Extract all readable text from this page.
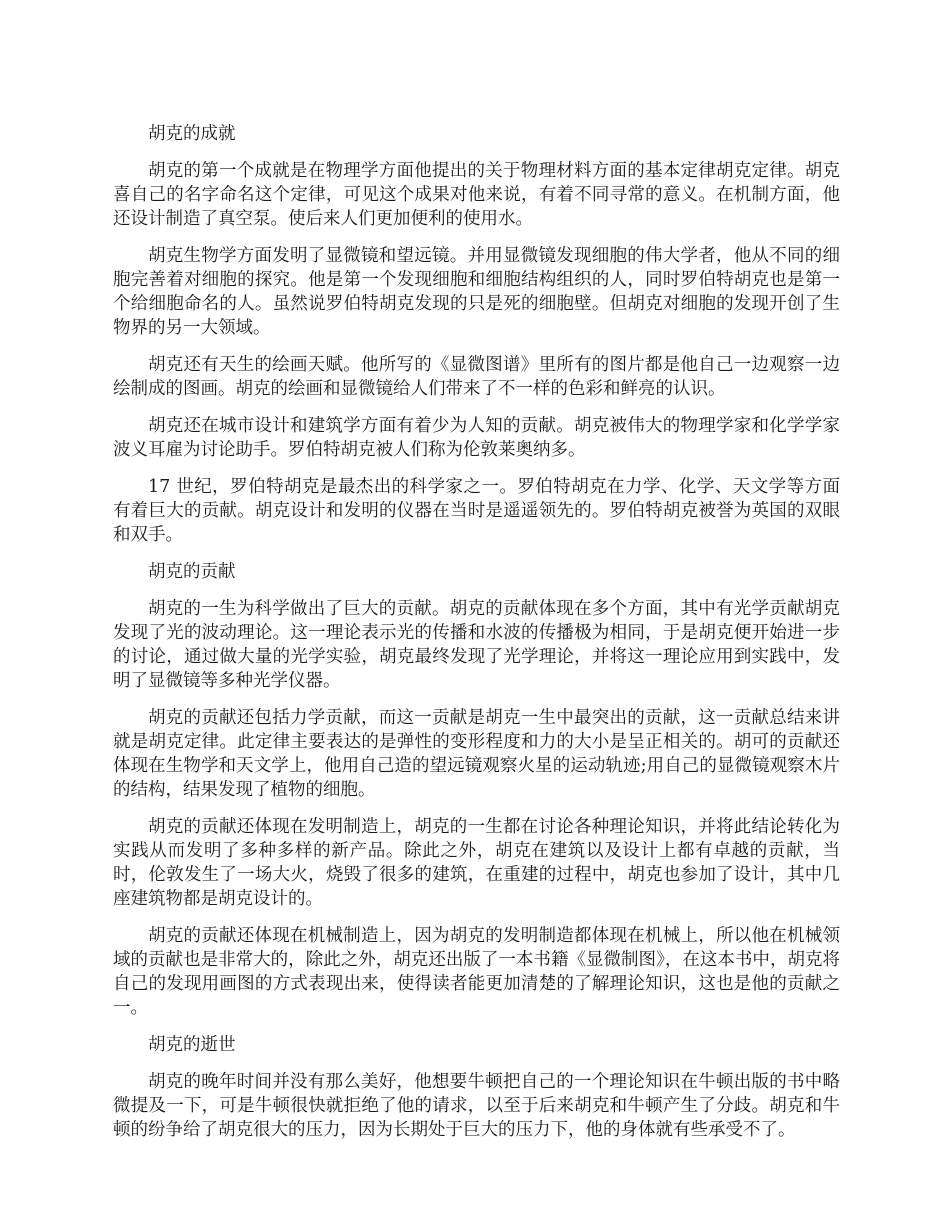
胡克的成就

胡克的第一个成就是在物理学方面他提出的关于物理材料方面的基本定律胡克定律。胡克喜自己的名字命名这个定律，可见这个成果对他来说，有着不同寻常的意义。在机制方面，他还设计制造了真空泵。使后来人们更加便利的使用水。

胡克生物学方面发明了显微镜和望远镜。并用显微镜发现细胞的伟大学者，他从不同的细胞完善着对细胞的探究。他是第一个发现细胞和细胞结构组织的人，同时罗伯特胡克也是第一个给细胞命名的人。虽然说罗伯特胡克发现的只是死的细胞壁。但胡克对细胞的发现开创了生物界的另一大领域。

胡克还有天生的绘画天赋。他所写的《显微图谱》里所有的图片都是他自己一边观察一边绘制成的图画。胡克的绘画和显微镜给人们带来了不一样的色彩和鲜亮的认识。

胡克还在城市设计和建筑学方面有着少为人知的贡献。胡克被伟大的物理学家和化学学家波义耳雇为讨论助手。罗伯特胡克被人们称为伦敦莱奥纳多。

17 世纪，罗伯特胡克是最杰出的科学家之一。罗伯特胡克在力学、化学、天文学等方面有着巨大的贡献。胡克设计和发明的仪器在当时是遥遥领先的。罗伯特胡克被誉为英国的双眼和双手。

胡克的贡献

胡克的一生为科学做出了巨大的贡献。胡克的贡献体现在多个方面，其中有光学贡献胡克发现了光的波动理论。这一理论表示光的传播和水波的传播极为相同，于是胡克便开始进一步的讨论，通过做大量的光学实验，胡克最终发现了光学理论，并将这一理论应用到实践中，发明了显微镜等多种光学仪器。

胡克的贡献还包括力学贡献，而这一贡献是胡克一生中最突出的贡献，这一贡献总结来讲就是胡克定律。此定律主要表达的是弹性的变形程度和力的大小是呈正相关的。胡可的贡献还体现在生物学和天文学上，他用自己造的望远镜观察火星的运动轨迹;用自己的显微镜观察木片的结构，结果发现了植物的细胞。

胡克的贡献还体现在发明制造上，胡克的一生都在讨论各种理论知识，并将此结论转化为实践从而发明了多种多样的新产品。除此之外，胡克在建筑以及设计上都有卓越的贡献，当时，伦敦发生了一场大火，烧毁了很多的建筑，在重建的过程中，胡克也参加了设计，其中几座建筑物都是胡克设计的。

胡克的贡献还体现在机械制造上，因为胡克的发明制造都体现在机械上，所以他在机械领域的贡献也是非常大的，除此之外，胡克还出版了一本书籍《显微制图》，在这本书中，胡克将自己的发现用画图的方式表现出来，使得读者能更加清楚的了解理论知识，这也是他的贡献之一。

胡克的逝世

胡克的晚年时间并没有那么美好，他想要牛顿把自己的一个理论知识在牛顿出版的书中略微提及一下，可是牛顿很快就拒绝了他的请求，以至于后来胡克和牛顿产生了分歧。胡克和牛顿的纷争给了胡克很大的压力，因为长期处于巨大的压力下，他的身体就有些承受不了。
